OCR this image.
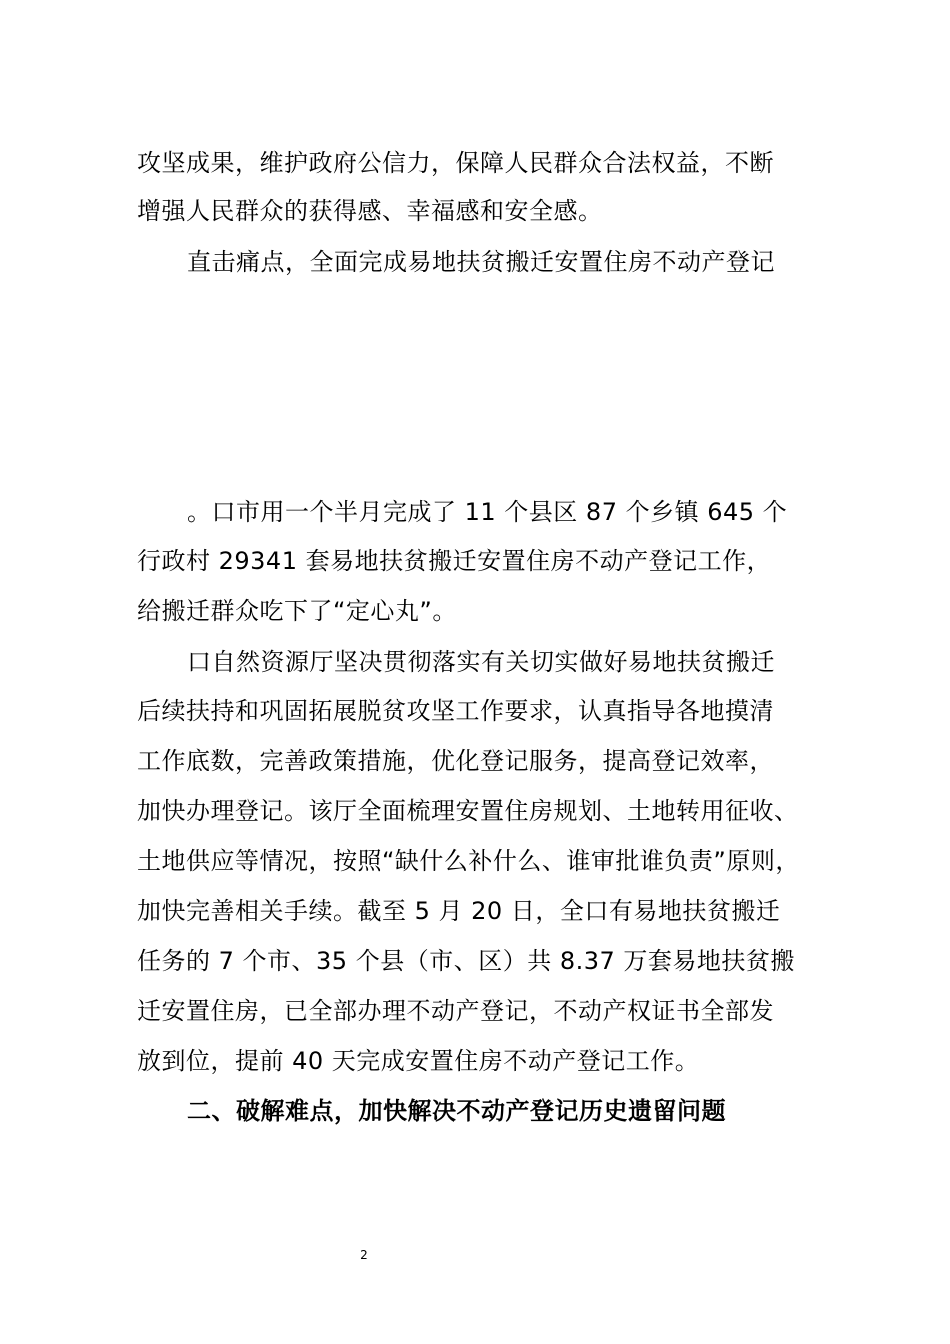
攻坚成果，维护政府公信力，保障人民群众合法权益，不断
增强人民群众的获得感、幸福感和安全感。
直击痛点，全面完成易地扶贫搬迁安置住房不动产登记
。口市用一个半月完成了 11 个县区 87 个乡镇 645 个
行政村 29341 套易地扶贫搬迁安置住房不动产登记工作，
给搬迁群众吃下了“定心丸”。
口自然资源厅坚决贯彻落实有关切实做好易地扶贫搬迁
后续扶持和巩固拓展脱贫攻坚工作要求，认真指导各地摸清
工作底数，完善政策措施，优化登记服务，提高登记效率，
加快办理登记。该厅全面梳理安置住房规划、土地转用征收、
土地供应等情况，按照“缺什么补什么、谁审批谁负责”原则，
加快完善相关手续。截至 5 月 20 日，全口有易地扶贫搬迁
任务的 7 个市、35 个县（市、区）共 8.37 万套易地扶贫搬
迁安置住房，已全部办理不动产登记，不动产权证书全部发
放到位，提前 40 天完成安置住房不动产登记工作。
二、破解难点，加快解决不动产登记历史遗留问题
2
